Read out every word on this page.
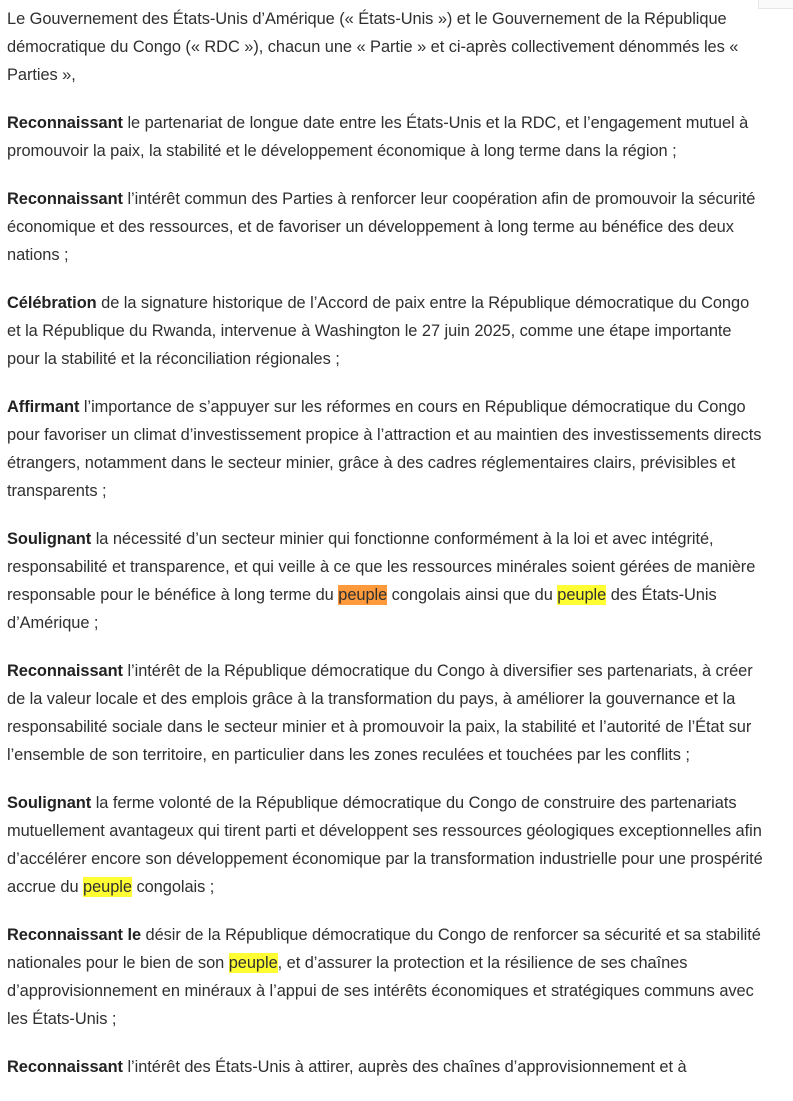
Le Gouvernement des États-Unis d’Amérique (« États-Unis ») et le Gouvernement de la République démocratique du Congo (« RDC »), chacun une « Partie » et ci-après collectivement dénommés les « Parties »,

Reconnaissant le partenariat de longue date entre les États-Unis et la RDC, et l’engagement mutuel à promouvoir la paix, la stabilité et le développement économique à long terme dans la région ;

Reconnaissant l’intérêt commun des Parties à renforcer leur coopération afin de promouvoir la sécurité économique et des ressources, et de favoriser un développement à long terme au bénéfice des deux nations ;

Célébration de la signature historique de l’Accord de paix entre la République démocratique du Congo et la République du Rwanda, intervenue à Washington le 27 juin 2025, comme une étape importante pour la stabilité et la réconciliation régionales ;

Affirmant l’importance de s’appuyer sur les réformes en cours en République démocratique du Congo pour favoriser un climat d’investissement propice à l’attraction et au maintien des investissements directs étrangers, notamment dans le secteur minier, grâce à des cadres réglementaires clairs, prévisibles et transparents ;

Soulignant la nécessité d’un secteur minier qui fonctionne conformément à la loi et avec intégrité, responsabilité et transparence, et qui veille à ce que les ressources minérales soient gérées de manière responsable pour le bénéfice à long terme du peuple congolais ainsi que du peuple des États-Unis d’Amérique ;

Reconnaissant l’intérêt de la République démocratique du Congo à diversifier ses partenariats, à créer de la valeur locale et des emplois grâce à la transformation du pays, à améliorer la gouvernance et la responsabilité sociale dans le secteur minier et à promouvoir la paix, la stabilité et l’autorité de l’État sur l’ensemble de son territoire, en particulier dans les zones reculées et touchées par les conflits ;

Soulignant la ferme volonté de la République démocratique du Congo de construire des partenariats mutuellement avantageux qui tirent parti et développent ses ressources géologiques exceptionnelles afin d’accélérer encore son développement économique par la transformation industrielle pour une prospérité accrue du peuple congolais ;

Reconnaissant le désir de la République démocratique du Congo de renforcer sa sécurité et sa stabilité nationales pour le bien de son peuple, et d’assurer la protection et la résilience de ses chaînes d’approvisionnement en minéraux à l’appui de ses intérêts économiques et stratégiques communs avec les États-Unis ;

Reconnaissant l’intérêt des États-Unis à attirer, auprès des chaînes d’approvisionnement et à
